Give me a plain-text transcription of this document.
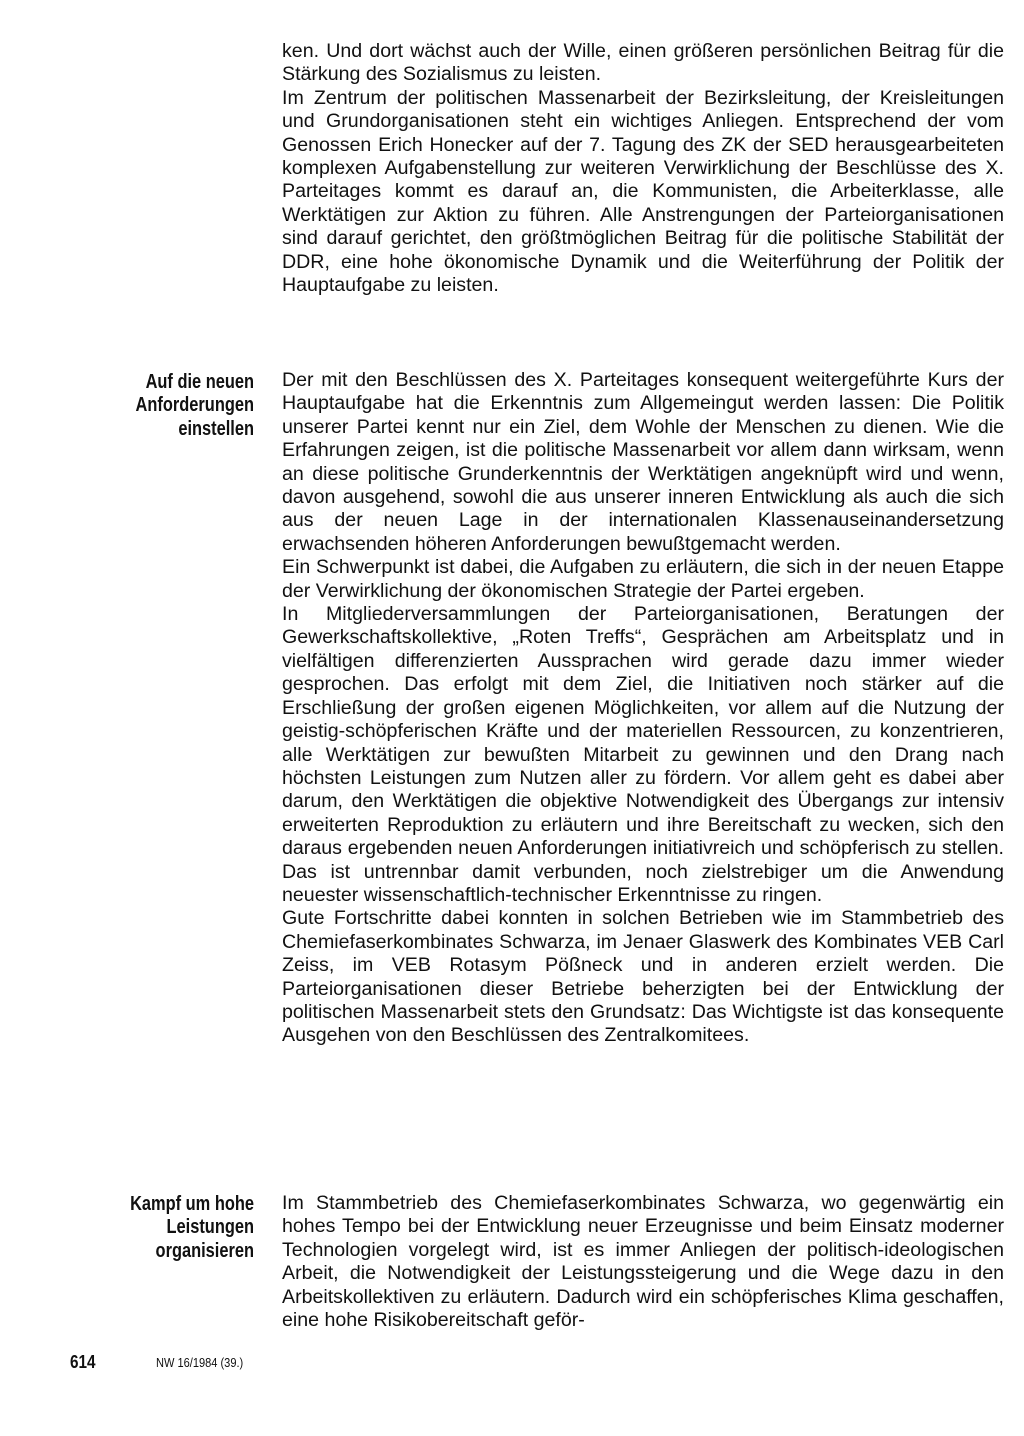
ken. Und dort wächst auch der Wille, einen größeren persönlichen Beitrag für die Stärkung des Sozialismus zu leisten.

Im Zentrum der politischen Massenarbeit der Bezirksleitung, der Kreisleitungen und Grundorganisationen steht ein wichtiges Anliegen. Entsprechend der vom Genossen Erich Honecker auf der 7. Tagung des ZK der SED herausgearbeiteten komplexen Aufgabenstellung zur weiteren Verwirklichung der Beschlüsse des X. Parteitages kommt es darauf an, die Kommunisten, die Arbeiterklasse, alle Werktätigen zur Aktion zu führen. Alle Anstrengungen der Parteiorganisationen sind darauf gerichtet, den größtmöglichen Beitrag für die politische Stabilität der DDR, eine hohe ökonomische Dynamik und die Weiterführung der Politik der Hauptaufgabe zu leisten.

Auf die neuen
Anforderungen
einstellen

Der mit den Beschlüssen des X. Parteitages konsequent weitergeführte Kurs der Hauptaufgabe hat die Erkenntnis zum Allgemeingut werden lassen: Die Politik unserer Partei kennt nur ein Ziel, dem Wohle der Menschen zu dienen. Wie die Erfahrungen zeigen, ist die politische Massenarbeit vor allem dann wirksam, wenn an diese politische Grunderkenntnis der Werktätigen angeknüpft wird und wenn, davon ausgehend, sowohl die aus unserer inneren Entwicklung als auch die sich aus der neuen Lage in der internationalen Klassenauseinandersetzung erwachsenden höheren Anforderungen bewußtgemacht werden.

Ein Schwerpunkt ist dabei, die Aufgaben zu erläutern, die sich in der neuen Etappe der Verwirklichung der ökonomischen Strategie der Partei ergeben.

In Mitgliederversammlungen der Parteiorganisationen, Beratungen der Gewerkschaftskollektive, „Roten Treffs“, Gesprächen am Arbeitsplatz und in vielfältigen differenzierten Aussprachen wird gerade dazu immer wieder gesprochen. Das erfolgt mit dem Ziel, die Initiativen noch stärker auf die Erschließung der großen eigenen Möglichkeiten, vor allem auf die Nutzung der geistig-schöpferischen Kräfte und der materiellen Ressourcen, zu konzentrieren, alle Werktätigen zur bewußten Mitarbeit zu gewinnen und den Drang nach höchsten Leistungen zum Nutzen aller zu fördern. Vor allem geht es dabei aber darum, den Werktätigen die objektive Notwendigkeit des Übergangs zur intensiv erweiterten Reproduktion zu erläutern und ihre Bereitschaft zu wecken, sich den daraus ergebenden neuen Anforderungen initiativreich und schöpferisch zu stellen. Das ist untrennbar damit verbunden, noch zielstrebiger um die Anwendung neuester wissenschaftlich-technischer Erkenntnisse zu ringen.

Gute Fortschritte dabei konnten in solchen Betrieben wie im Stammbetrieb des Chemiefaserkombinates Schwarza, im Jenaer Glaswerk des Kombinates VEB Carl Zeiss, im VEB Rotasym Pößneck und in anderen erzielt werden. Die Parteiorganisationen dieser Betriebe beherzigten bei der Entwicklung der politischen Massenarbeit stets den Grundsatz: Das Wichtigste ist das konsequente Ausgehen von den Beschlüssen des Zentralkomitees.

Kampf um hohe
Leistungen
organisieren

Im Stammbetrieb des Chemiefaserkombinates Schwarza, wo gegenwärtig ein hohes Tempo bei der Entwicklung neuer Erzeugnisse und beim Einsatz moderner Technologien vorgelegt wird, ist es immer Anliegen der politisch-ideologischen Arbeit, die Notwendigkeit der Leistungssteigerung und die Wege dazu in den Arbeitskollektiven zu erläutern. Dadurch wird ein schöpferisches Klima geschaffen, eine hohe Risikobereitschaft geför-

614	NW 16/1984 (39.)
